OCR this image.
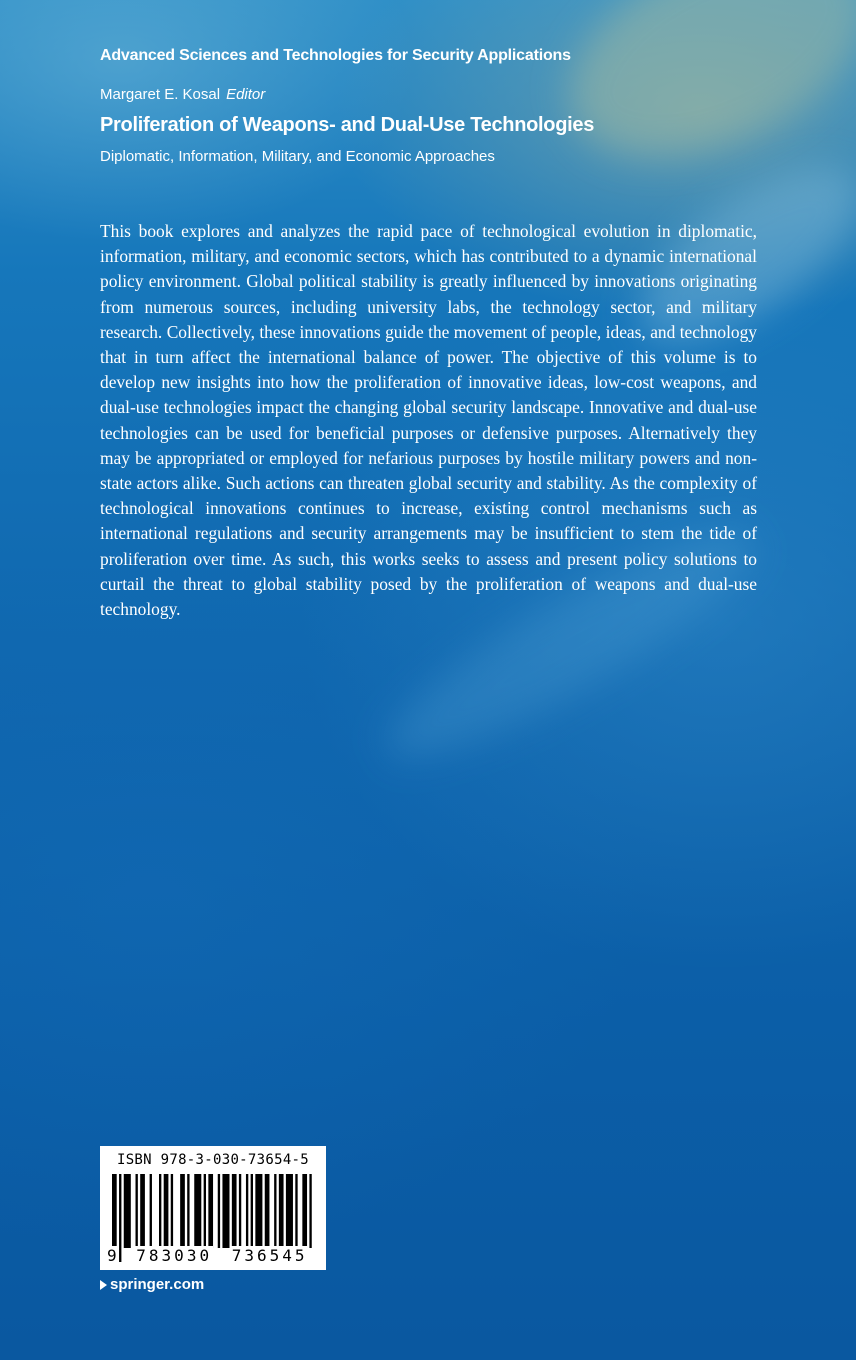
Advanced Sciences and Technologies for Security Applications
Margaret E. Kosal Editor
Proliferation of Weapons- and Dual-Use Technologies
Diplomatic, Information, Military, and Economic Approaches

This book explores and analyzes the rapid pace of technological evolution in diplomatic, information, military, and economic sectors, which has contributed to a dynamic international policy environment. Global political stability is greatly influenced by innovations originating from numerous sources, including university labs, the technology sector, and military research. Collectively, these innovations guide the movement of people, ideas, and technology that in turn affect the international balance of power. The objective of this volume is to develop new insights into how the proliferation of innovative ideas, low-cost weapons, and dual-use technologies impact the changing global security landscape. Innovative and dual-use technologies can be used for beneficial purposes or defensive purposes. Alternatively they may be appropriated or employed for nefarious purposes by hostile military powers and non-state actors alike. Such actions can threaten global security and stability. As the complexity of technological innovations continues to increase, existing control mechanisms such as international regulations and security arrangements may be insufficient to stem the tide of proliferation over time. As such, this works seeks to assess and present policy solutions to curtail the threat to global stability posed by the proliferation of weapons and dual-use technology.

ISBN 978-3-030-73654-5
9 783030 736545
springer.com
